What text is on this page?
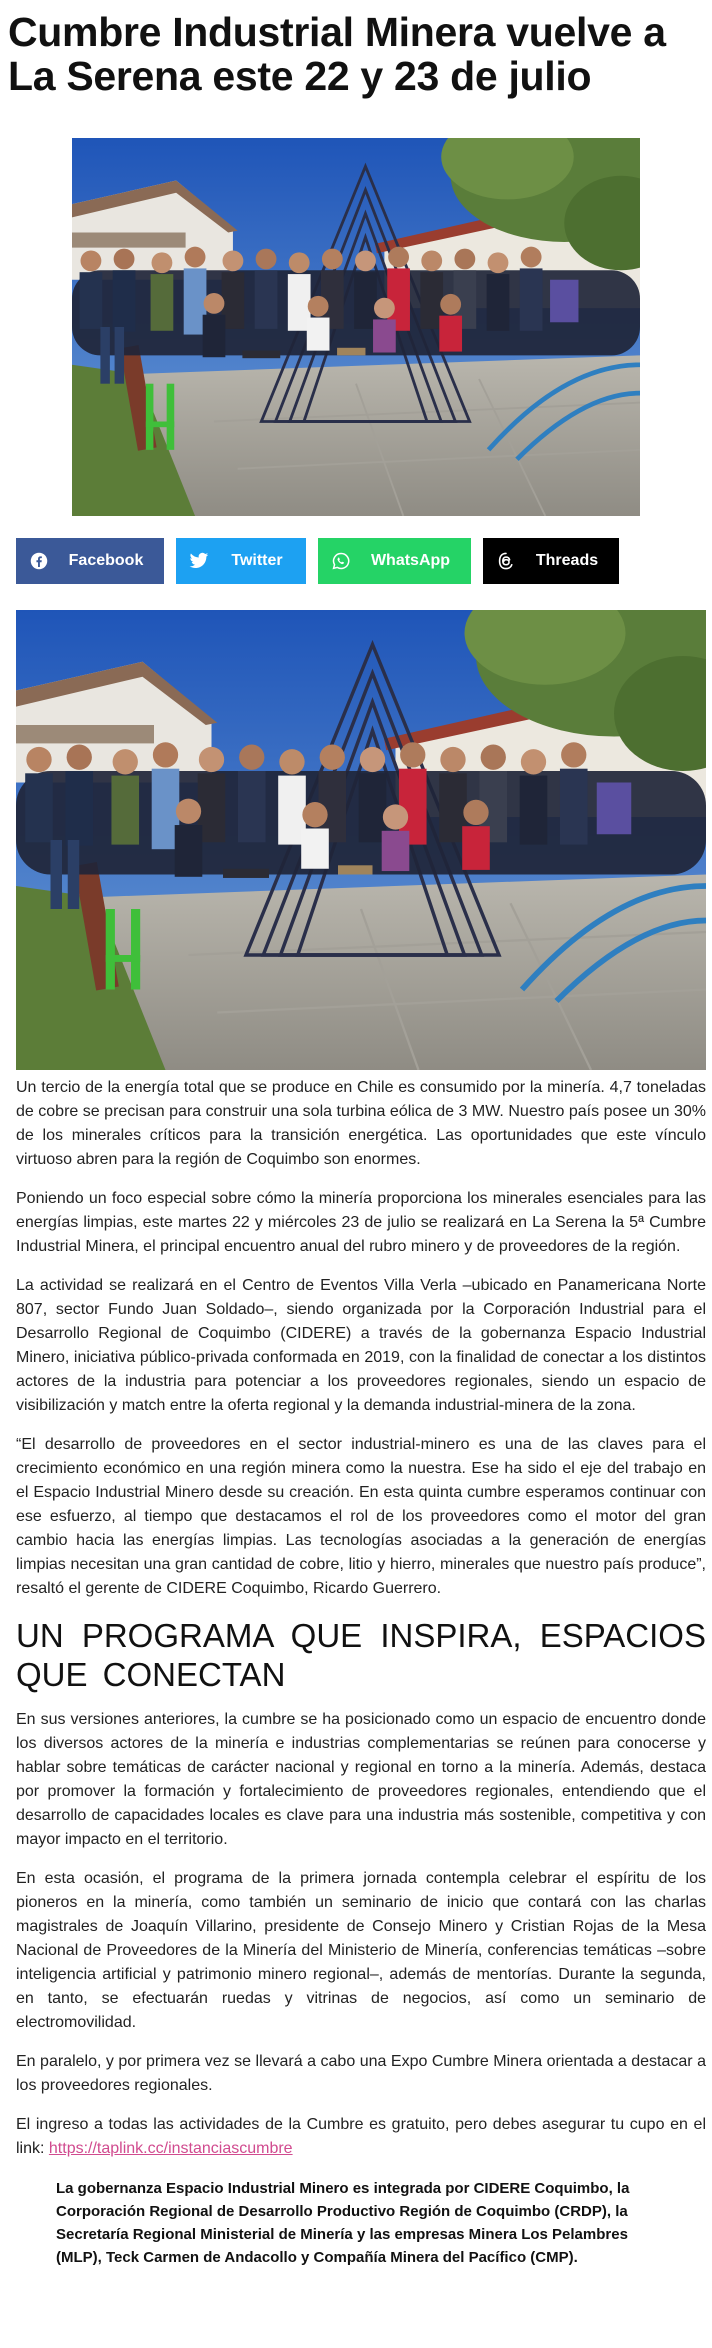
Cumbre Industrial Minera vuelve a La Serena este 22 y 23 de julio
Facebook	Twitter	WhatsApp	Threads

Un tercio de la energía total que se produce en Chile es consumido por la minería. 4,7 toneladas de cobre se precisan para construir una sola turbina eólica de 3 MW. Nuestro país posee un 30% de los minerales críticos para la transición energética. Las oportunidades que este vínculo virtuoso abren para la región de Coquimbo son enormes.

Poniendo un foco especial sobre cómo la minería proporciona los minerales esenciales para las energías limpias, este martes 22 y miércoles 23 de julio se realizará en La Serena la 5ª Cumbre Industrial Minera, el principal encuentro anual del rubro minero y de proveedores de la región.

La actividad se realizará en el Centro de Eventos Villa Verla –ubicado en Panamericana Norte 807, sector Fundo Juan Soldado–, siendo organizada por la Corporación Industrial para el Desarrollo Regional de Coquimbo (CIDERE) a través de la gobernanza Espacio Industrial Minero, iniciativa público-privada conformada en 2019, con la finalidad de conectar a los distintos actores de la industria para potenciar a los proveedores regionales, siendo un espacio de visibilización y match entre la oferta regional y la demanda industrial-minera de la zona.

“El desarrollo de proveedores en el sector industrial-minero es una de las claves para el crecimiento económico en una región minera como la nuestra. Ese ha sido el eje del trabajo en el Espacio Industrial Minero desde su creación. En esta quinta cumbre esperamos continuar con ese esfuerzo, al tiempo que destacamos el rol de los proveedores como el motor del gran cambio hacia las energías limpias. Las tecnologías asociadas a la generación de energías limpias necesitan una gran cantidad de cobre, litio y hierro, minerales que nuestro país produce”, resaltó el gerente de CIDERE Coquimbo, Ricardo Guerrero.

UN PROGRAMA QUE INSPIRA, ESPACIOS QUE CONECTAN

En sus versiones anteriores, la cumbre se ha posicionado como un espacio de encuentro donde los diversos actores de la minería e industrias complementarias se reúnen para conocerse y hablar sobre temáticas de carácter nacional y regional en torno a la minería. Además, destaca por promover la formación y fortalecimiento de proveedores regionales, entendiendo que el desarrollo de capacidades locales es clave para una industria más sostenible, competitiva y con mayor impacto en el territorio.

En esta ocasión, el programa de la primera jornada contempla celebrar el espíritu de los pioneros en la minería, como también un seminario de inicio que contará con las charlas magistrales de Joaquín Villarino, presidente de Consejo Minero y Cristian Rojas de la Mesa Nacional de Proveedores de la Minería del Ministerio de Minería, conferencias temáticas –sobre inteligencia artificial y patrimonio minero regional–, además de mentorías. Durante la segunda, en tanto, se efectuarán ruedas y vitrinas de negocios, así como un seminario de electromovilidad.

En paralelo, y por primera vez se llevará a cabo una Expo Cumbre Minera orientada a destacar a los proveedores regionales.

El ingreso a todas las actividades de la Cumbre es gratuito, pero debes asegurar tu cupo en el link: https://taplink.cc/instanciascumbre

La gobernanza Espacio Industrial Minero es integrada por CIDERE Coquimbo, la Corporación Regional de Desarrollo Productivo Región de Coquimbo (CRDP), la Secretaría Regional Ministerial de Minería y las empresas Minera Los Pelambres (MLP), Teck Carmen de Andacollo y Compañía Minera del Pacífico (CMP).
